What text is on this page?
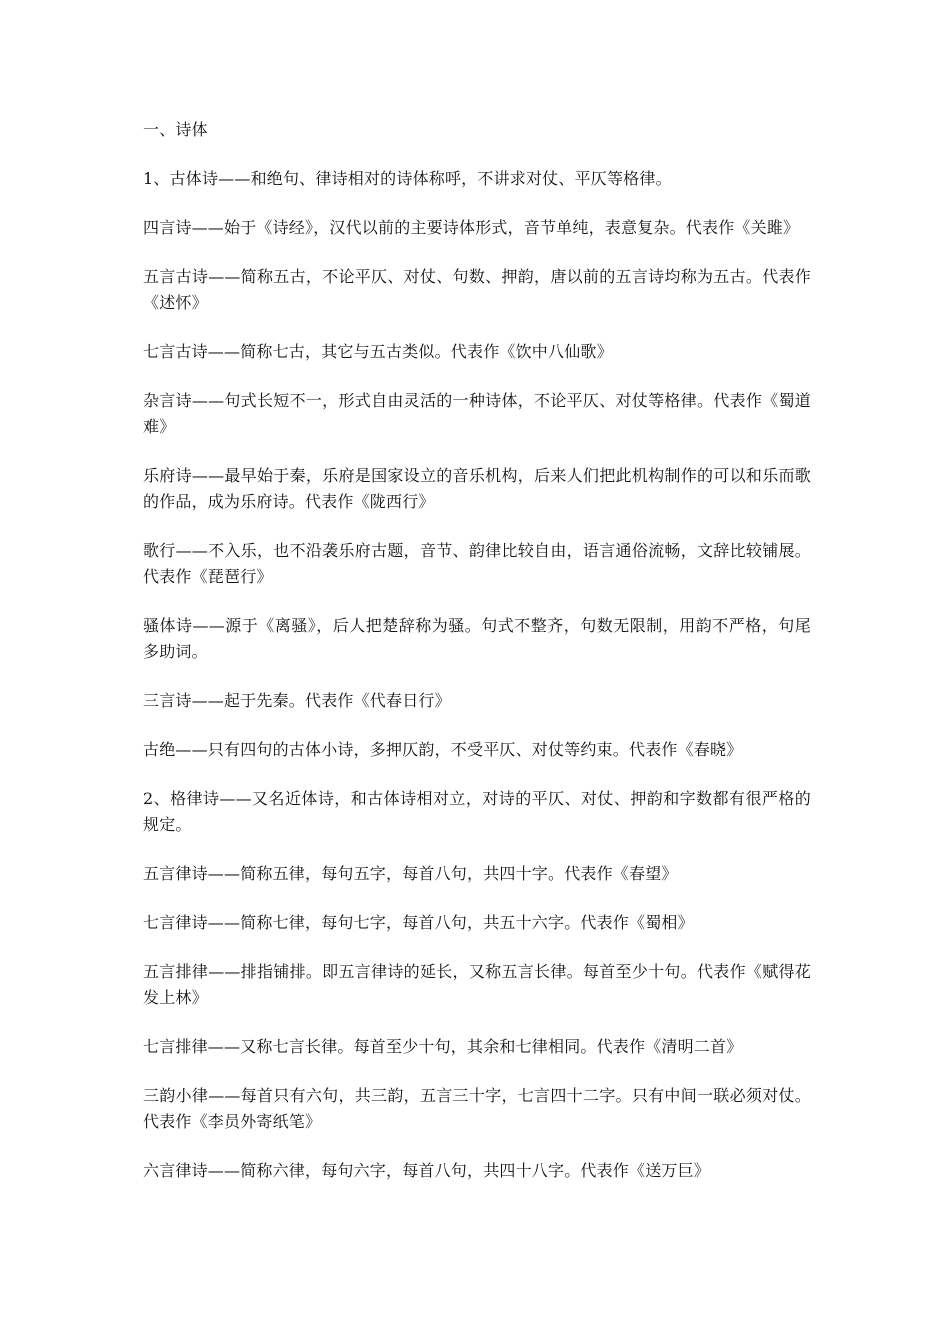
一、诗体

1、古体诗——和绝句、律诗相对的诗体称呼，不讲求对仗、平仄等格律。

四言诗——始于《诗经》，汉代以前的主要诗体形式，音节单纯，表意复杂。代表作《关雎》

五言古诗——简称五古，不论平仄、对仗、句数、押韵，唐以前的五言诗均称为五古。代表作《述怀》

七言古诗——简称七古，其它与五古类似。代表作《饮中八仙歌》

杂言诗——句式长短不一，形式自由灵活的一种诗体，不论平仄、对仗等格律。代表作《蜀道难》

乐府诗——最早始于秦，乐府是国家设立的音乐机构，后来人们把此机构制作的可以和乐而歌的作品，成为乐府诗。代表作《陇西行》

歌行——不入乐，也不沿袭乐府古题，音节、韵律比较自由，语言通俗流畅，文辞比较铺展。代表作《琵琶行》

骚体诗——源于《离骚》，后人把楚辞称为骚。句式不整齐，句数无限制，用韵不严格，句尾多助词。

三言诗——起于先秦。代表作《代春日行》

古绝——只有四句的古体小诗，多押仄韵，不受平仄、对仗等约束。代表作《春晓》

2、格律诗——又名近体诗，和古体诗相对立，对诗的平仄、对仗、押韵和字数都有很严格的规定。

五言律诗——简称五律，每句五字，每首八句，共四十字。代表作《春望》

七言律诗——简称七律，每句七字，每首八句，共五十六字。代表作《蜀相》

五言排律——排指铺排。即五言律诗的延长，又称五言长律。每首至少十句。代表作《赋得花发上林》

七言排律——又称七言长律。每首至少十句，其余和七律相同。代表作《清明二首》

三韵小律——每首只有六句，共三韵，五言三十字，七言四十二字。只有中间一联必须对仗。代表作《李员外寄纸笔》

六言律诗——简称六律，每句六字，每首八句，共四十八字。代表作《送万巨》
